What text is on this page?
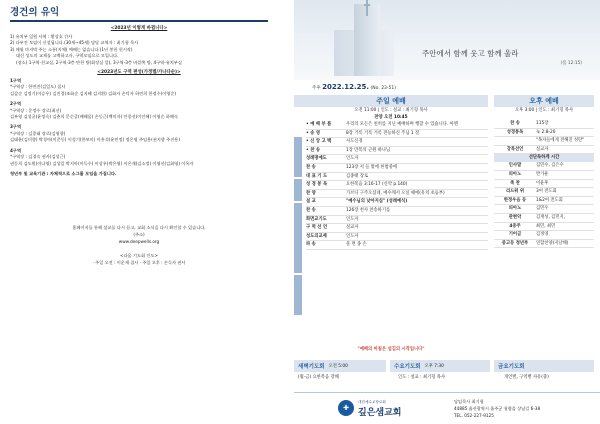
경건의 유익
<2023년 이렇게 바뀝니다>
1) 유치부 일원 사역 : 황상호 간사
2) 다부진 모임이 신설됩니다.(30세~45세) 담당 교역자 : 최기형 목사
3) 매월 마지막 주는 소통(지체) 예배는 없습니다.(1년 봉헌 헌시작)
대신 성도의 교제를 고백하고자, 구역모임으로 모입니다.
(장소) 1구역-친교실, 2구역-3층 만찬 방(화장실 앞), 3구역-3층 바깥쪽 방, 4구역-유치부실
<2023년도 구역 편성(가정별/가나다순)>
1구역
*구역장 : 한연진(김일도) 집사
김갑순 김정기(이승우) 김진경(조화순 김지혜 김지환) 김화자 손덕자 하연희 한정수(이영순)
2구역
*구역장 : 문정수 장로(최선)
김부영 김성균(윤정숙) 김춘희 문순증(배해음) 손동근(백미자) 안종선(이인혜) 이영순 하해숙
3구역
*구역장 : 김종태 장로(김영향)
김태윤(김미향) 박경아(이준동) 이성기(한보미) 이흥석(윤민정) 정은영 주임용(권지향 주진용)
4구역
*구역장 : 김경숙 권사(김성근)
권동희 김도원(이나영) 김성일 박지아(이득수) 이상우(박은영) 이은재(김소정) 이영선(김화영) 이옥자
청년부 및 교육기관 : 자체적으로 소그룹 모임을 가집니다.
홈페이지를 통해 설교를 다시 듣고, 교회 소식을 다시 확인할 수 있습니다.
(주소)
www.deepwells.org
<다음 기도회 인도>
· 주일 오전 : 이운재 집사 · 주일 오후 : 손득자 권사
주안에서 함께 웃고 함께 울라
(롬 12:15)
주후 2022.12.25. (No. 23-51)
주일 예배
오전 11:00 | 인도 : 설교 : 최기형 목사
찬양 오전 10:45
• 예 배 부 름	우리의 모든은 친히를 지닌 예배하며 행할 수 있습니다. 아멘
• 송 영	8장 거룩 거룩 거룩 전능하신 주님 1 절
• 신 앙 고 백	사도신경
• 찬 송	1장 만복의 근원 하나님
성례명예도	인도자
찬 송	123장 저 들 밖에 한밤중에
대 표 기 도	김종태 장로
성 경 봉 독	요한복음 3:16-17 (신약 p.140)
찬 양	가브디 구주오셨네, 예수께서 오실 때에(유치 초등부)
설 교	"예수님의 낮아지심" (성례예식)
찬 송	126장 천사 찬송하기를
화면교기도	인도자
구 역 선 언	설교자
성도의교제	인도자
파 송	물 면 종 손
"예배의 마침은 섬김의 시작입니다"
오후 예배
오후 3:00 | 인도 : 최기형 목사
찬 송	115장
성경봉독	눅 2:8-20
"목자들에게 전해진 성탄"
강북선언	설교자
선단독하게 시간
인사말	김민수, 김은수
피아노	반가운
축 찬	이윤후
리드워 위	3여 전도회
한정우음 등	1&2여 전도회
피아노	김민우
관현악	김재성, 김민지,
4중주	최민, 최민
기어금	김정영
중고등 청년부	연합찬양(지날해)
새벽기도회 오전 5:00	수요기도회 오후 7:30	금요기도회
(월-금) 요한복음 강해	인도 : 설교 : 최기형 목사	개인별, 구역별 자유(중)
✚
대한예수교장로회
깊은샘교회
담임목사 최기형
44885 울산광역시 울주군 청량읍 상남길 6-38
TEL. 052-227-9125
